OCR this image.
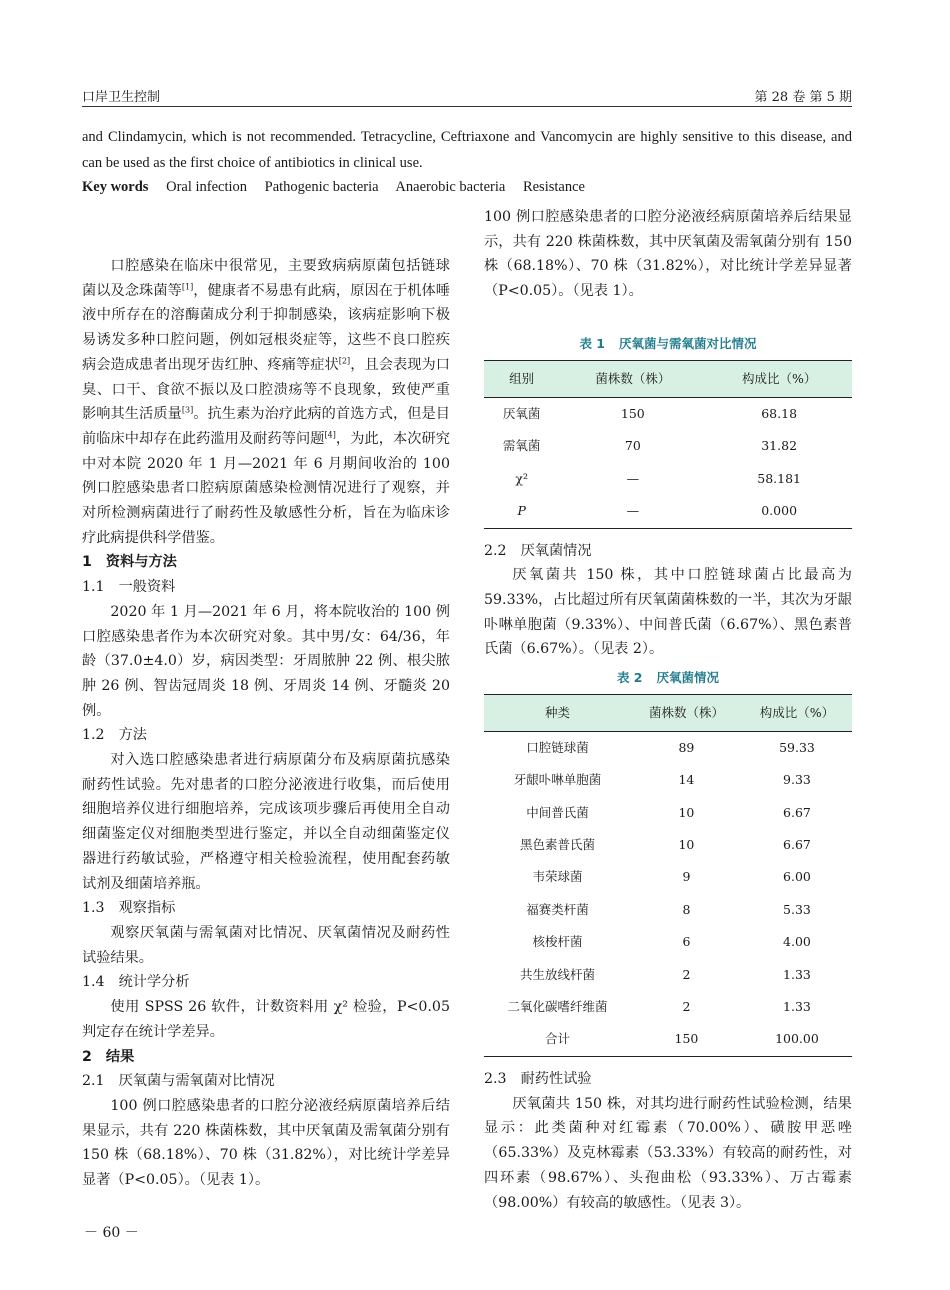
口岸卫生控制	第 28 卷 第 5 期
and Clindamycin, which is not recommended. Tetracycline, Ceftriaxone and Vancomycin are highly sensitive to this disease, and can be used as the first choice of antibiotics in clinical use.
Key words Oral infection Pathogenic bacteria Anaerobic bacteria Resistance

口腔感染在临床中很常见，主要致病病原菌包括链球菌以及念珠菌等[1]，健康者不易患有此病，原因在于机体唾液中所存在的溶酶菌成分利于抑制感染，该病症影响下极易诱发多种口腔问题，例如冠根炎症等，这些不良口腔疾病会造成患者出现牙齿红肿、疼痛等症状[2]，且会表现为口臭、口干、食欲不振以及口腔溃疡等不良现象，致使严重影响其生活质量[3]。抗生素为治疗此病的首选方式，但是目前临床中却存在此药滥用及耐药等问题[4]，为此，本次研究中对本院 2020 年 1 月—2021 年 6 月期间收治的 100 例口腔感染患者口腔病原菌感染检测情况进行了观察，并对所检测病菌进行了耐药性及敏感性分析，旨在为临床诊疗此病提供科学借鉴。

1 资料与方法
1.1 一般资料

2020 年 1 月—2021 年 6 月，将本院收治的 100 例口腔感染患者作为本次研究对象。其中男/女：64/36，年龄（37.0±4.0）岁，病因类型：牙周脓肿 22 例、根尖脓肿 26 例、智齿冠周炎 18 例、牙周炎 14 例、牙髓炎 20 例。

1.2 方法

对入选口腔感染患者进行病原菌分布及病原菌抗感染耐药性试验。先对患者的口腔分泌液进行收集，而后使用细胞培养仪进行细胞培养，完成该项步骤后再使用全自动细菌鉴定仪对细胞类型进行鉴定，并以全自动细菌鉴定仪器进行药敏试验，严格遵守相关检验流程，使用配套药敏试剂及细菌培养瓶。

1.3 观察指标

观察厌氧菌与需氧菌对比情况、厌氧菌情况及耐药性试验结果。

1.4 统计学分析

使用 SPSS 26 软件，计数资料用 χ² 检验，P<0.05 判定存在统计学差异。

2 结果
2.1 厌氧菌与需氧菌对比情况

100 例口腔感染患者的口腔分泌液经病原菌培养后结果显示，共有 220 株菌株数，其中厌氧菌及需氧菌分别有 150 株（68.18%）、70 株（31.82%），对比统计学差异显著（P<0.05）。（见表 1）。

100 例口腔感染患者的口腔分泌液经病原菌培养后结果显示，共有 220 株菌株数，其中厌氧菌及需氧菌分别有 150 株（68.18%）、70 株（31.82%），对比统计学差异显著（P<0.05）。（见表 1）。
表 1 厌氧菌与需氧菌对比情况
组别	菌株数（株）	构成比（%）
厌氧菌	150	68.18
需氧菌	70	31.82
χ²	—	58.181
P	—	0.000
2.2 厌氧菌情况

厌氧菌共 150 株，其中口腔链球菌占比最高为 59.33%，占比超过所有厌氧菌菌株数的一半，其次为牙龈卟啉单胞菌（9.33%）、中间普氏菌（6.67%）、黑色素普氏菌（6.67%）。（见表 2）。

表 2 厌氧菌情况
种类	菌株数（株）	构成比（%）
口腔链球菌	89	59.33
牙龈卟啉单胞菌	14	9.33
中间普氏菌	10	6.67
黑色素普氏菌	10	6.67
韦荣球菌	9	6.00
福赛类杆菌	8	5.33
核梭杆菌	6	4.00
共生放线杆菌	2	1.33
二氧化碳嗜纤维菌	2	1.33
合计	150	100.00
2.3 耐药性试验

厌氧菌共 150 株，对其均进行耐药性试验检测，结果显示：此类菌种对红霉素（70.00%）、磺胺甲恶唑（65.33%）及克林霉素（53.33%）有较高的耐药性，对四环素（98.67%）、头孢曲松（93.33%）、万古霉素（98.00%）有较高的敏感性。（见表 3）。

－ 60 －
